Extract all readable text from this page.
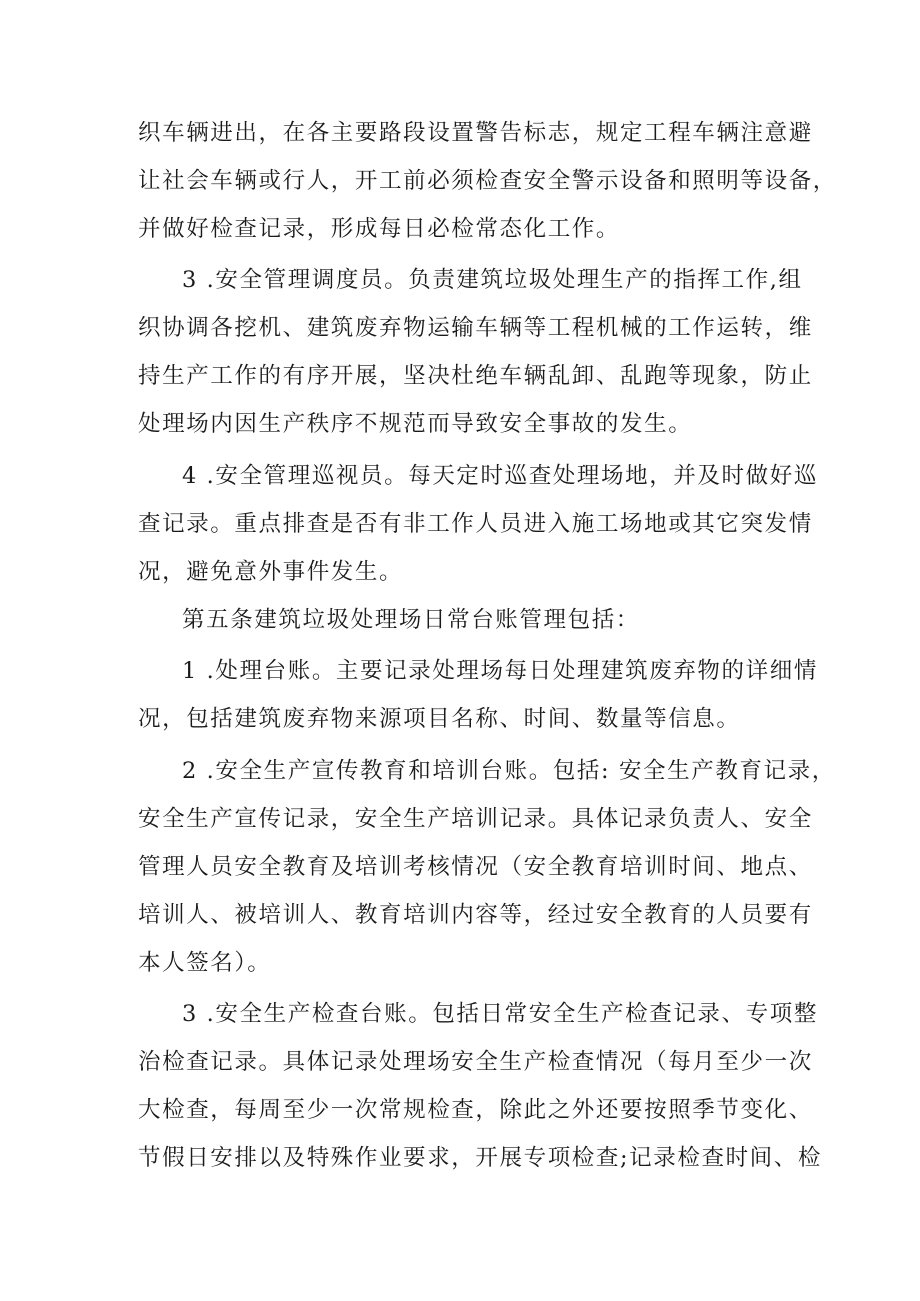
织车辆进出，在各主要路段设置警告标志，规定工程车辆注意避
让社会车辆或行人，开工前必须检查安全警示设备和照明等设备，
并做好检查记录，形成每日必检常态化工作。
3 .安全管理调度员。负责建筑垃圾处理生产的指挥工作,组
织协调各挖机、建筑废弃物运输车辆等工程机械的工作运转，维
持生产工作的有序开展，坚决杜绝车辆乱卸、乱跑等现象，防止
处理场内因生产秩序不规范而导致安全事故的发生。
4 .安全管理巡视员。每天定时巡查处理场地，并及时做好巡
查记录。重点排查是否有非工作人员进入施工场地或其它突发情
况，避免意外事件发生。
第五条建筑垃圾处理场日常台账管理包括：
1 .处理台账。主要记录处理场每日处理建筑废弃物的详细情
况，包括建筑废弃物来源项目名称、时间、数量等信息。
2 .安全生产宣传教育和培训台账。包括: 安全生产教育记录，
安全生产宣传记录，安全生产培训记录。具体记录负责人、安全
管理人员安全教育及培训考核情况（安全教育培训时间、地点、
培训人、被培训人、教育培训内容等，经过安全教育的人员要有
本人签名）。
3 .安全生产检查台账。包括日常安全生产检查记录、专项整
治检查记录。具体记录处理场安全生产检查情况（每月至少一次
大检查，每周至少一次常规检查，除此之外还要按照季节变化、
节假日安排以及特殊作业要求，开展专项检查;记录检查时间、检
